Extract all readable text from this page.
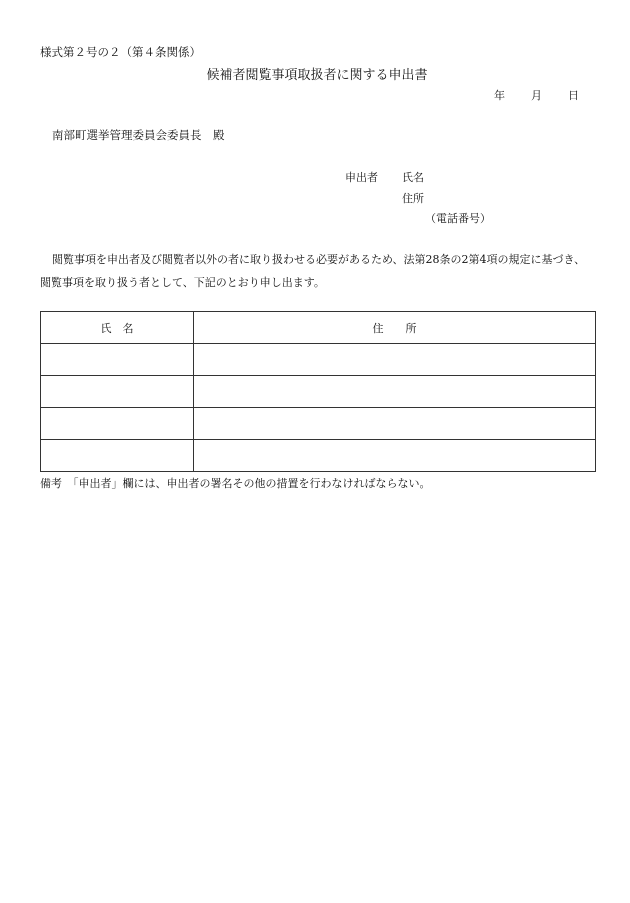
様式第２号の２（第４条関係）
候補者閲覧事項取扱者に関する申出書
年 月 日
南部町選挙管理委員会委員長　殿
申出者 氏名
住所
（電話番号）
閲覧事項を申出者及び閲覧者以外の者に取り扱わせる必要があるため、法第28条の2第4項の規定に基づき、閲覧事項を取り扱う者として、下記のとおり申し出ます。
氏　名	住　　所

備考　「申出者」欄には、申出者の署名その他の措置を行わなければならない。
